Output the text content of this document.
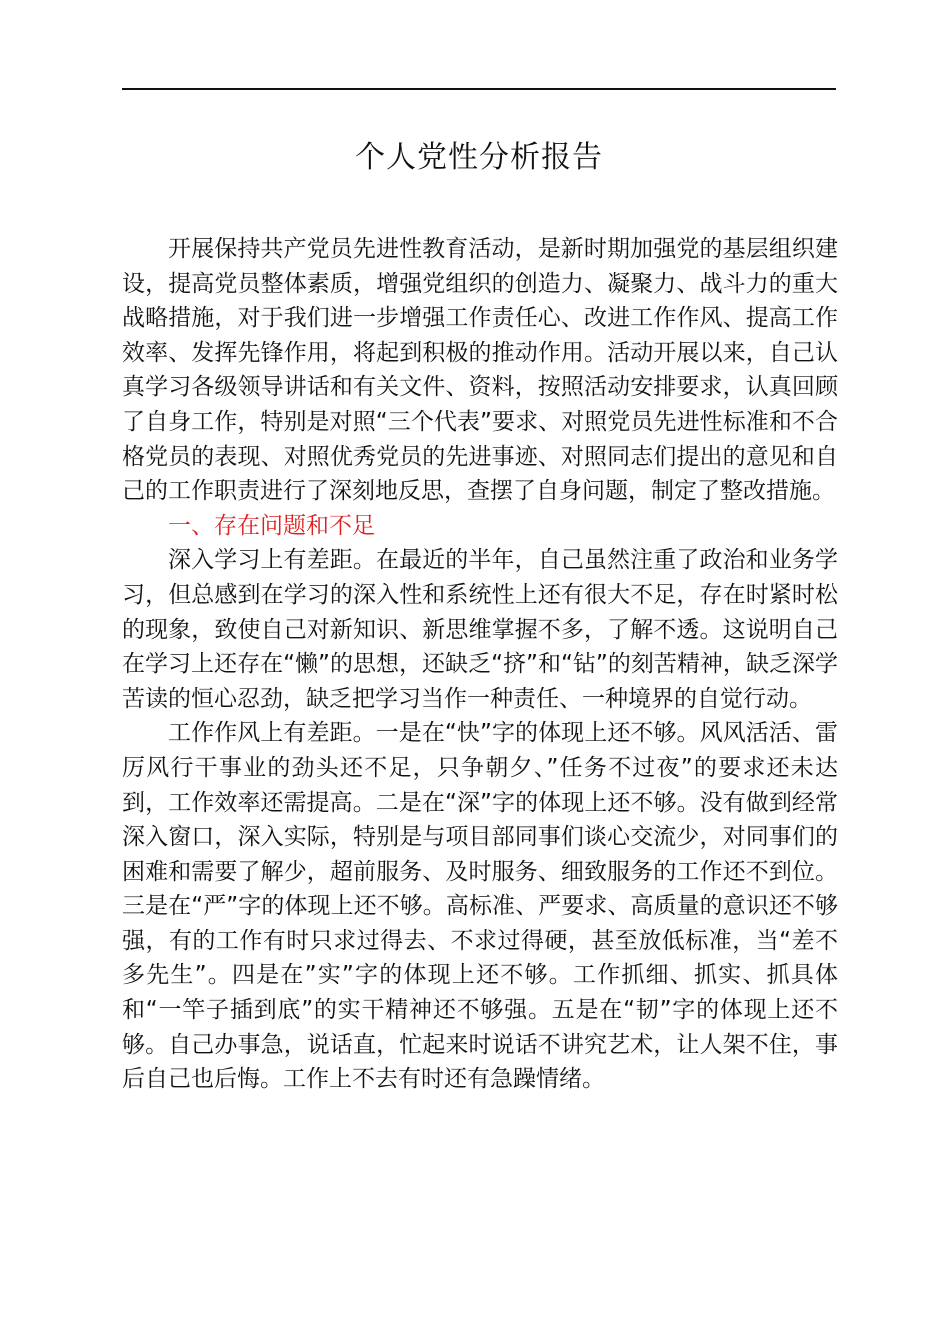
个人党性分析报告

开展保持共产党员先进性教育活动，是新时期加强党的基层组织建设，提高党员整体素质，增强党组织的创造力、凝聚力、战斗力的重大战略措施，对于我们进一步增强工作责任心、改进工作作风、提高工作效率、发挥先锋作用，将起到积极的推动作用。活动开展以来，自己认真学习各级领导讲话和有关文件、资料，按照活动安排要求，认真回顾了自身工作，特别是对照“三个代表”要求、对照党员先进性标准和不合格党员的表现、对照优秀党员的先进事迹、对照同志们提出的意见和自己的工作职责进行了深刻地反思，查摆了自身问题，制定了整改措施。

一、存在问题和不足

深入学习上有差距。在最近的半年，自己虽然注重了政治和业务学习，但总感到在学习的深入性和系统性上还有很大不足，存在时紧时松的现象，致使自己对新知识、新思维掌握不多，了解不透。这说明自己在学习上还存在“懒”的思想，还缺乏“挤”和“钻”的刻苦精神，缺乏深学苦读的恒心忍劲，缺乏把学习当作一种责任、一种境界的自觉行动。

工作作风上有差距。一是在“快”字的体现上还不够。风风活活、雷厉风行干事业的劲头还不足，只争朝夕、”任务不过夜”的要求还未达到，工作效率还需提高。二是在“深”字的体现上还不够。没有做到经常深入窗口，深入实际，特别是与项目部同事们谈心交流少，对同事们的困难和需要了解少，超前服务、及时服务、细致服务的工作还不到位。三是在“严”字的体现上还不够。高标准、严要求、高质量的意识还不够强，有的工作有时只求过得去、不求过得硬，甚至放低标准，当“差不多先生”。四是在”实”字的体现上还不够。工作抓细、抓实、抓具体和“一竿子插到底”的实干精神还不够强。五是在“韧”字的体现上还不够。自己办事急，说话直，忙起来时说话不讲究艺术，让人架不住，事后自己也后悔。工作上不去有时还有急躁情绪。
